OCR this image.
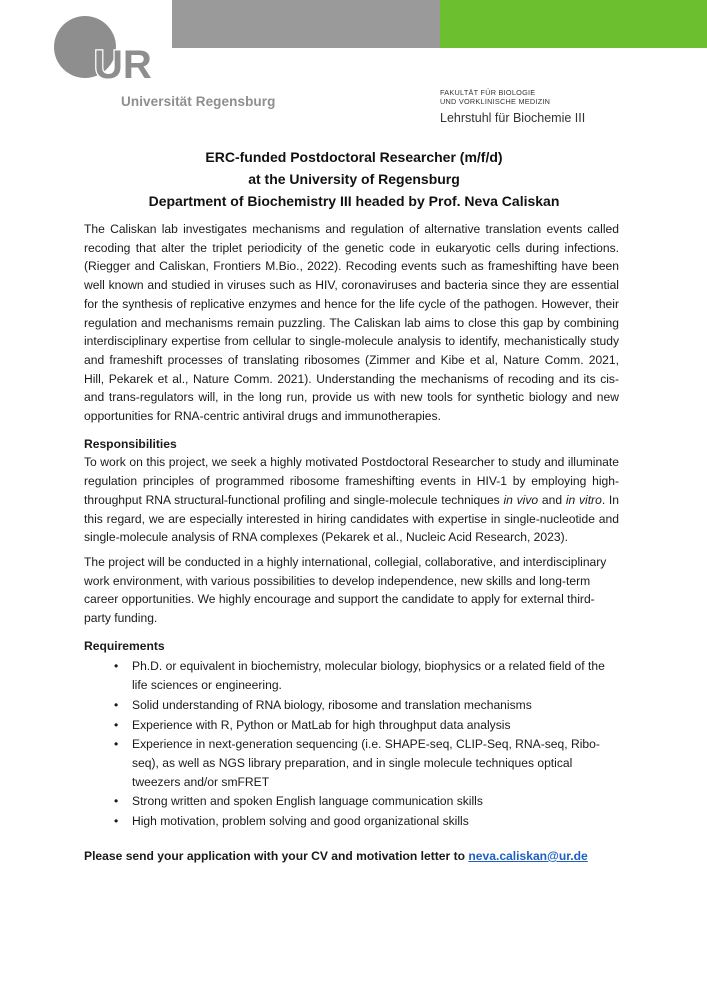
UR
Universität Regensburg
FAKULTÄT FÜR BIOLOGIE
UND VORKLINISCHE MEDIZIN
Lehrstuhl für Biochemie III
ERC-funded Postdoctoral Researcher (m/f/d)
at the University of Regensburg
Department of Biochemistry III headed by Prof. Neva Caliskan

The Caliskan lab investigates mechanisms and regulation of alternative translation events called recoding that alter the triplet periodicity of the genetic code in eukaryotic cells during infections. (Riegger and Caliskan, Frontiers M.Bio., 2022). Recoding events such as frameshifting have been well known and studied in viruses such as HIV, coronaviruses and bacteria since they are essential for the synthesis of replicative enzymes and hence for the life cycle of the pathogen. However, their regulation and mechanisms remain puzzling. The Caliskan lab aims to close this gap by combining interdisciplinary expertise from cellular to single-molecule analysis to identify, mechanistically study and frameshift processes of translating ribosomes (Zimmer and Kibe et al, Nature Comm. 2021, Hill, Pekarek et al., Nature Comm. 2021). Understanding the mechanisms of recoding and its cis- and trans-regulators will, in the long run, provide us with new tools for synthetic biology and new opportunities for RNA-centric antiviral drugs and immunotherapies.

Responsibilities

To work on this project, we seek a highly motivated Postdoctoral Researcher to study and illuminate regulation principles of programmed ribosome frameshifting events in HIV-1 by employing high-throughput RNA structural-functional profiling and single-molecule techniques in vivo and in vitro. In this regard, we are especially interested in hiring candidates with expertise in single-nucleotide and single-molecule analysis of RNA complexes (Pekarek et al., Nucleic Acid Research, 2023).

The project will be conducted in a highly international, collegial, collaborative, and interdisciplinary work environment, with various possibilities to develop independence, new skills and long-term career opportunities. We highly encourage and support the candidate to apply for external third-party funding.

Requirements

• Ph.D. or equivalent in biochemistry, molecular biology, biophysics or a related field of the life sciences or engineering.
• Solid understanding of RNA biology, ribosome and translation mechanisms
• Experience with R, Python or MatLab for high throughput data analysis
• Experience in next-generation sequencing (i.e. SHAPE-seq, CLIP-Seq, RNA-seq, Ribo-seq), as well as NGS library preparation, and in single molecule techniques optical tweezers and/or smFRET
• Strong written and spoken English language communication skills
• High motivation, problem solving and good organizational skills

Please send your application with your CV and motivation letter to neva.caliskan@ur.de
